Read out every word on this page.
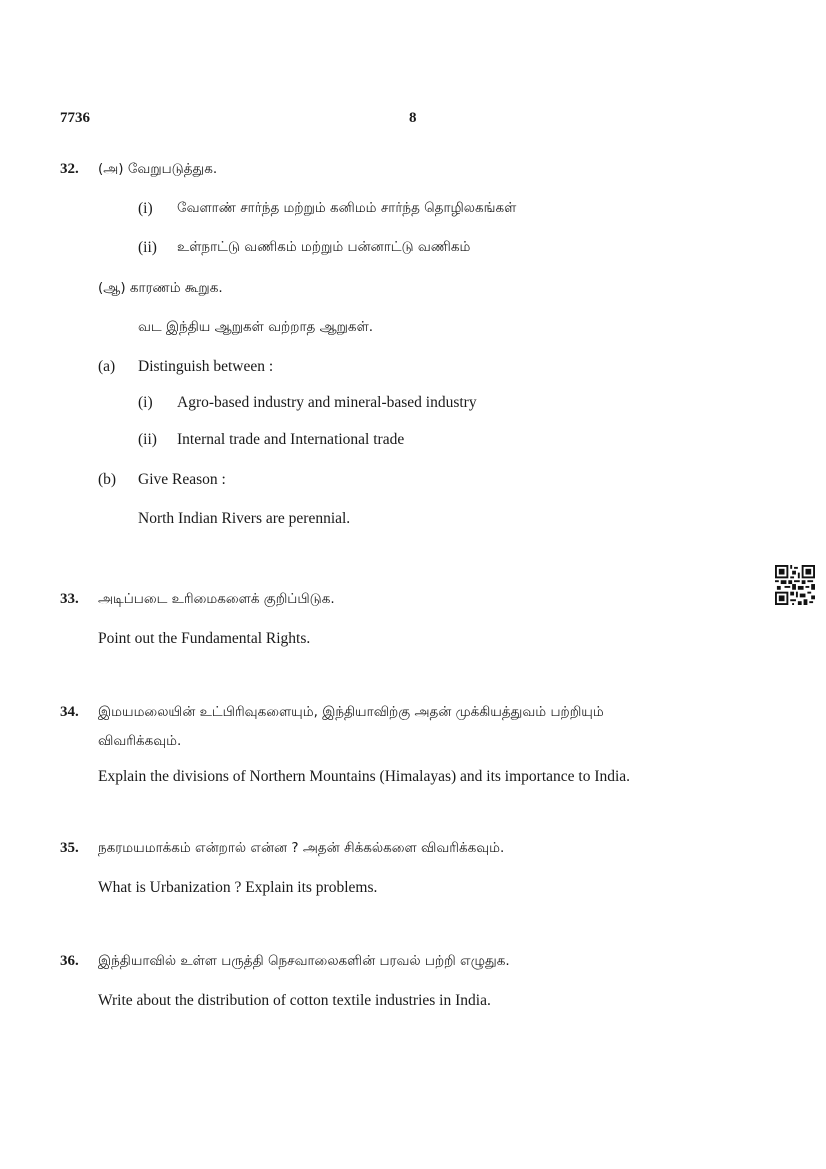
7736	8
32. (அ) வேறுபடுத்துக.
(i) வேளாண் சார்ந்த மற்றும் கனிமம் சார்ந்த தொழிலகங்கள்
(ii) உள்நாட்டு வணிகம் மற்றும் பன்னாட்டு வணிகம்
(ஆ) காரணம் கூறுக.
வட இந்திய ஆறுகள் வற்றாத ஆறுகள்.
(a) Distinguish between :
(i) Agro-based industry and mineral-based industry
(ii) Internal trade and International trade
(b) Give Reason :
North Indian Rivers are perennial.
33. அடிப்படை உரிமைகளைக் குறிப்பிடுக.
Point out the Fundamental Rights.
34. இமயமலையின் உட்பிரிவுகளையும், இந்தியாவிற்கு அதன் முக்கியத்துவம் பற்றியும்
விவரிக்கவும்.
Explain the divisions of Northern Mountains (Himalayas) and its importance to India.
35. நகரமயமாக்கம் என்றால் என்ன ? அதன் சிக்கல்களை விவரிக்கவும்.
What is Urbanization ? Explain its problems.
36. இந்தியாவில் உள்ள பருத்தி நெசவாலைகளின் பரவல் பற்றி எழுதுக.
Write about the distribution of cotton textile industries in India.
